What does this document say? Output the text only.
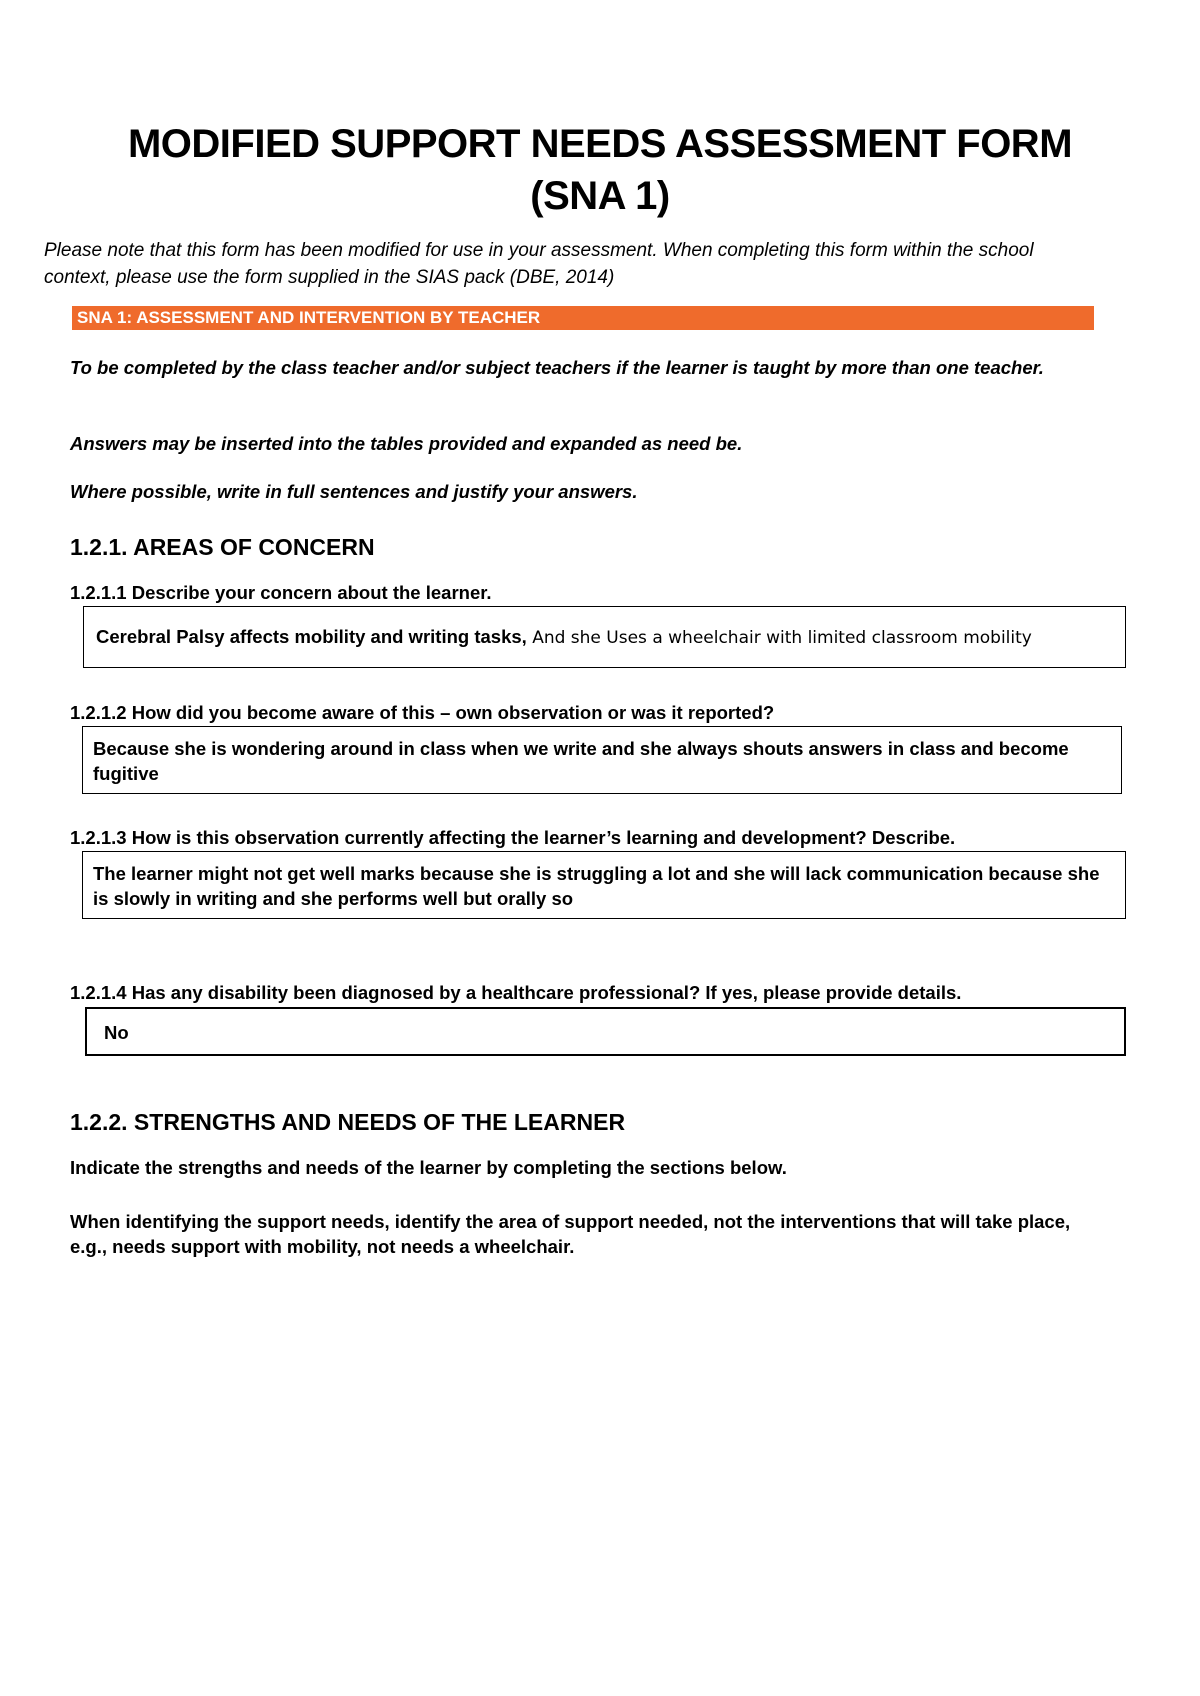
MODIFIED SUPPORT NEEDS ASSESSMENT FORM
(SNA 1)
Please note that this form has been modified for use in your assessment. When completing this form within the school context, please use the form supplied in the SIAS pack (DBE, 2014)
SNA 1: ASSESSMENT AND INTERVENTION BY TEACHER
To be completed by the class teacher and/or subject teachers if the learner is taught by more than one teacher.
Answers may be inserted into the tables provided and expanded as need be.
Where possible, write in full sentences and justify your answers.
1.2.1. AREAS OF CONCERN
1.2.1.1 Describe your concern about the learner.
Cerebral Palsy affects mobility and writing tasks, And she Uses a wheelchair with limited classroom mobility
1.2.1.2 How did you become aware of this – own observation or was it reported?
Because she is wondering around in class when we write and she always shouts answers in class and become fugitive
1.2.1.3 How is this observation currently affecting the learner’s learning and development? Describe.
The learner might not get well marks because she is struggling a lot and she will lack communication because she is slowly in writing and she performs well but orally so
1.2.1.4 Has any disability been diagnosed by a healthcare professional? If yes, please provide details.
No
1.2.2. STRENGTHS AND NEEDS OF THE LEARNER
Indicate the strengths and needs of the learner by completing the sections below.
When identifying the support needs, identify the area of support needed, not the interventions that will take place, e.g., needs support with mobility, not needs a wheelchair.
